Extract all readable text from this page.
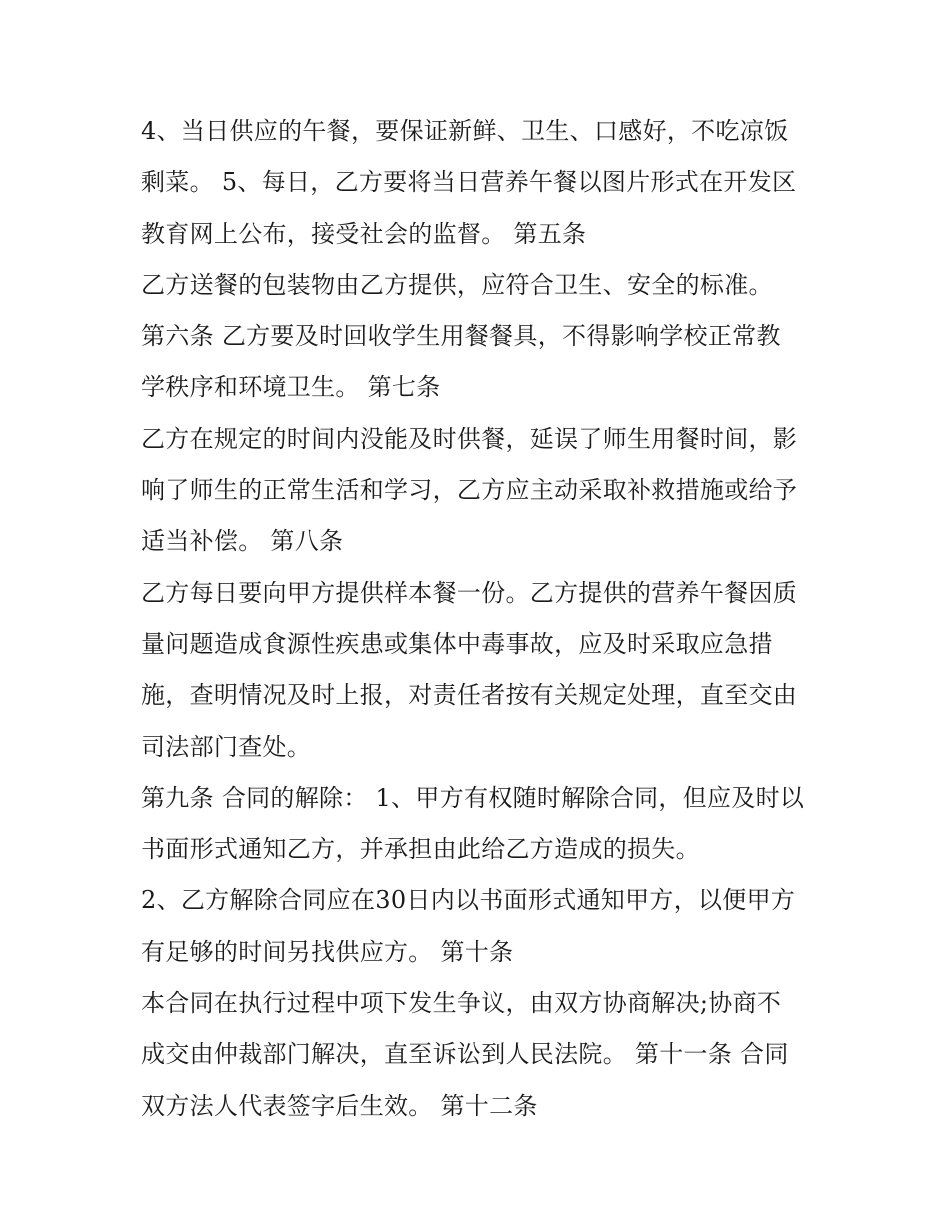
4、当日供应的午餐，要保证新鲜、卫生、口感好，不吃凉饭
剩菜。 5、每日，乙方要将当日营养午餐以图片形式在开发区
教育网上公布，接受社会的监督。 第五条
乙方送餐的包装物由乙方提供，应符合卫生、安全的标准。
第六条 乙方要及时回收学生用餐餐具，不得影响学校正常教
学秩序和环境卫生。 第七条
乙方在规定的时间内没能及时供餐，延误了师生用餐时间，影
响了师生的正常生活和学习，乙方应主动采取补救措施或给予
适当补偿。 第八条
乙方每日要向甲方提供样本餐一份。乙方提供的营养午餐因质
量问题造成食源性疾患或集体中毒事故，应及时采取应急措
施，查明情况及时上报，对责任者按有关规定处理，直至交由
司法部门查处。
第九条 合同的解除： 1、甲方有权随时解除合同，但应及时以
书面形式通知乙方，并承担由此给乙方造成的损失。
2、乙方解除合同应在30日内以书面形式通知甲方，以便甲方
有足够的时间另找供应方。 第十条
本合同在执行过程中项下发生争议，由双方协商解决;协商不
成交由仲裁部门解决，直至诉讼到人民法院。 第十一条 合同
双方法人代表签字后生效。 第十二条
